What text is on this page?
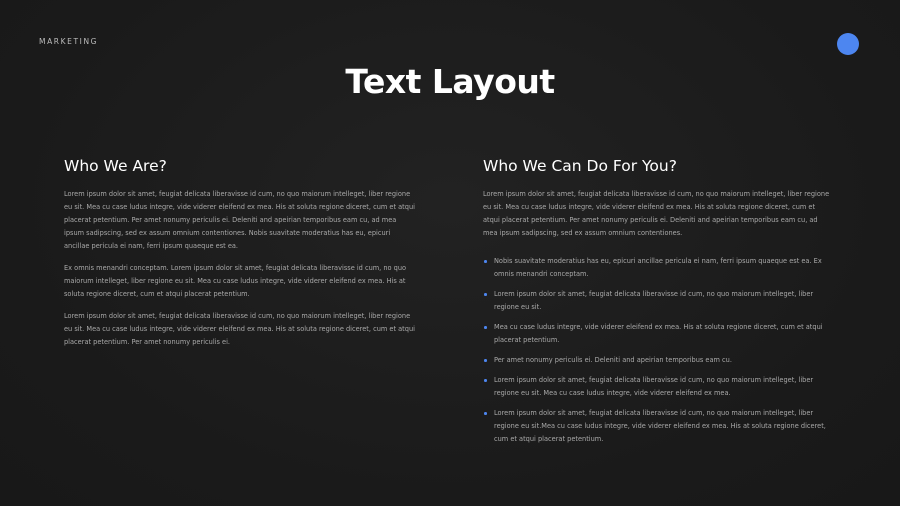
MARKETING
Text Layout
Who We Are?

Lorem ipsum dolor sit amet, feugiat delicata liberavisse id cum, no quo maiorum intelleget, liber regione eu sit. Mea cu case ludus integre, vide viderer eleifend ex mea. His at soluta regione diceret, cum et atqui placerat petentium. Per amet nonumy periculis ei. Deleniti and apeirian temporibus eam cu, ad mea ipsum sadipscing, sed ex assum omnium contentiones. Nobis suavitate moderatius has eu, epicuri ancillae pericula ei nam, ferri ipsum quaeque est ea.

Ex omnis menandri conceptam. Lorem ipsum dolor sit amet, feugiat delicata liberavisse id cum, no quo maiorum intelleget, liber regione eu sit. Mea cu case ludus integre, vide viderer eleifend ex mea. His at soluta regione diceret, cum et atqui placerat petentium.

Lorem ipsum dolor sit amet, feugiat delicata liberavisse id cum, no quo maiorum intelleget, liber regione eu sit. Mea cu case ludus integre, vide viderer eleifend ex mea. His at soluta regione diceret, cum et atqui placerat petentium. Per amet nonumy periculis ei.

Who We Can Do For You?

Lorem ipsum dolor sit amet, feugiat delicata liberavisse id cum, no quo maiorum intelleget, liber regione eu sit. Mea cu case ludus integre, vide viderer eleifend ex mea. His at soluta regione diceret, cum et atqui placerat petentium. Per amet nonumy periculis ei. Deleniti and apeirian temporibus eam cu, ad mea ipsum sadipscing, sed ex assum omnium contentiones.

Nobis suavitate moderatius has eu, epicuri ancillae pericula ei nam, ferri ipsum quaeque est ea. Ex omnis menandri conceptam.
Lorem ipsum dolor sit amet, feugiat delicata liberavisse id cum, no quo maiorum intelleget, liber regione eu sit.
Mea cu case ludus integre, vide viderer eleifend ex mea. His at soluta regione diceret, cum et atqui placerat petentium.
Per amet nonumy periculis ei. Deleniti and apeirian temporibus eam cu.
Lorem ipsum dolor sit amet, feugiat delicata liberavisse id cum, no quo maiorum intelleget, liber regione eu sit. Mea cu case ludus integre, vide viderer eleifend ex mea.
Lorem ipsum dolor sit amet, feugiat delicata liberavisse id cum, no quo maiorum intelleget, liber regione eu sit.Mea cu case ludus integre, vide viderer eleifend ex mea. His at soluta regione diceret, cum et atqui placerat petentium.
